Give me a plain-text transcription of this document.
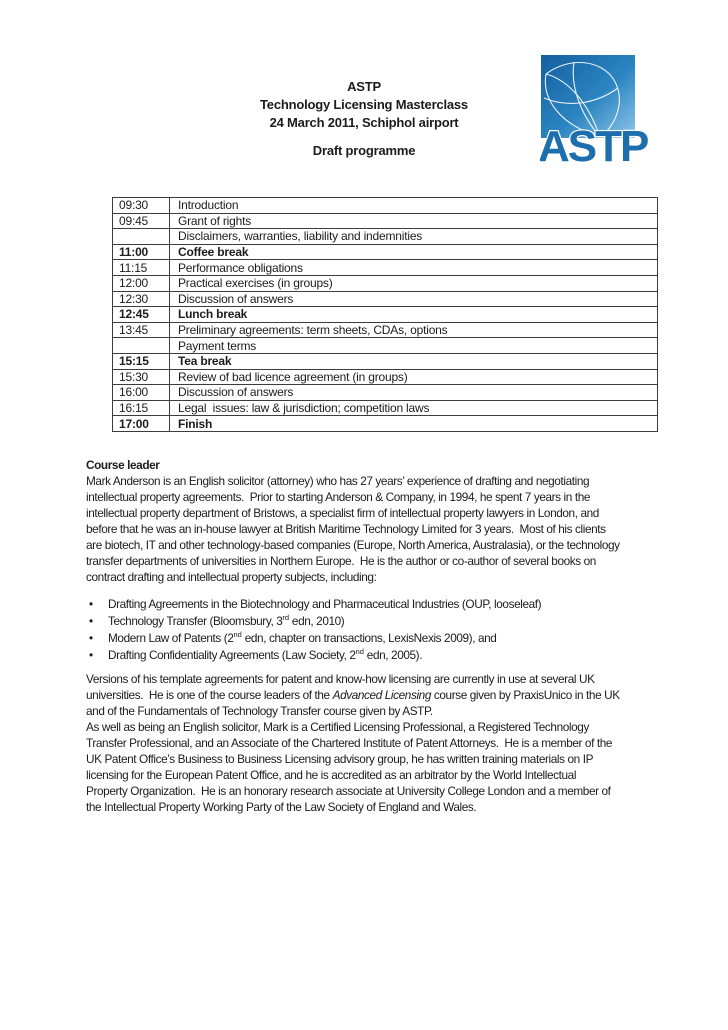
ASTP
Technology Licensing Masterclass
24 March 2011, Schiphol airport
Draft programme	ASTP
09:30	Introduction
09:45	Grant of rights
	Disclaimers, warranties, liability and indemnities
11:00	Coffee break
11:15	Performance obligations
12:00	Practical exercises (in groups)
12:30	Discussion of answers
12:45	Lunch break
13:45	Preliminary agreements: term sheets, CDAs, options
	Payment terms
15:15	Tea break
15:30	Review of bad licence agreement (in groups)
16:00	Discussion of answers
16:15	Legal  issues: law & jurisdiction; competition laws
17:00	Finish
Course leader
Mark Anderson is an English solicitor (attorney) who has 27 years’ experience of drafting and negotiating
intellectual property agreements.  Prior to starting Anderson & Company, in 1994, he spent 7 years in the
intellectual property department of Bristows, a specialist firm of intellectual property lawyers in London, and
before that he was an in-house lawyer at British Maritime Technology Limited for 3 years.  Most of his clients
are biotech, IT and other technology-based companies (Europe, North America, Australasia), or the technology
transfer departments of universities in Northern Europe.  He is the author or co-author of several books on
contract drafting and intellectual property subjects, including:
• Drafting Agreements in the Biotechnology and Pharmaceutical Industries (OUP, looseleaf)
• Technology Transfer (Bloomsbury, 3rd edn, 2010)
• Modern Law of Patents (2nd edn, chapter on transactions, LexisNexis 2009), and
• Drafting Confidentiality Agreements (Law Society, 2nd edn, 2005).
Versions of his template agreements for patent and know-how licensing are currently in use at several UK
universities.  He is one of the course leaders of the Advanced Licensing course given by PraxisUnico in the UK
and of the Fundamentals of Technology Transfer course given by ASTP.
As well as being an English solicitor, Mark is a Certified Licensing Professional, a Registered Technology
Transfer Professional, and an Associate of the Chartered Institute of Patent Attorneys.  He is a member of the
UK Patent Office’s Business to Business Licensing advisory group, he has written training materials on IP
licensing for the European Patent Office, and he is accredited as an arbitrator by the World Intellectual
Property Organization.  He is an honorary research associate at University College London and a member of
the Intellectual Property Working Party of the Law Society of England and Wales.
